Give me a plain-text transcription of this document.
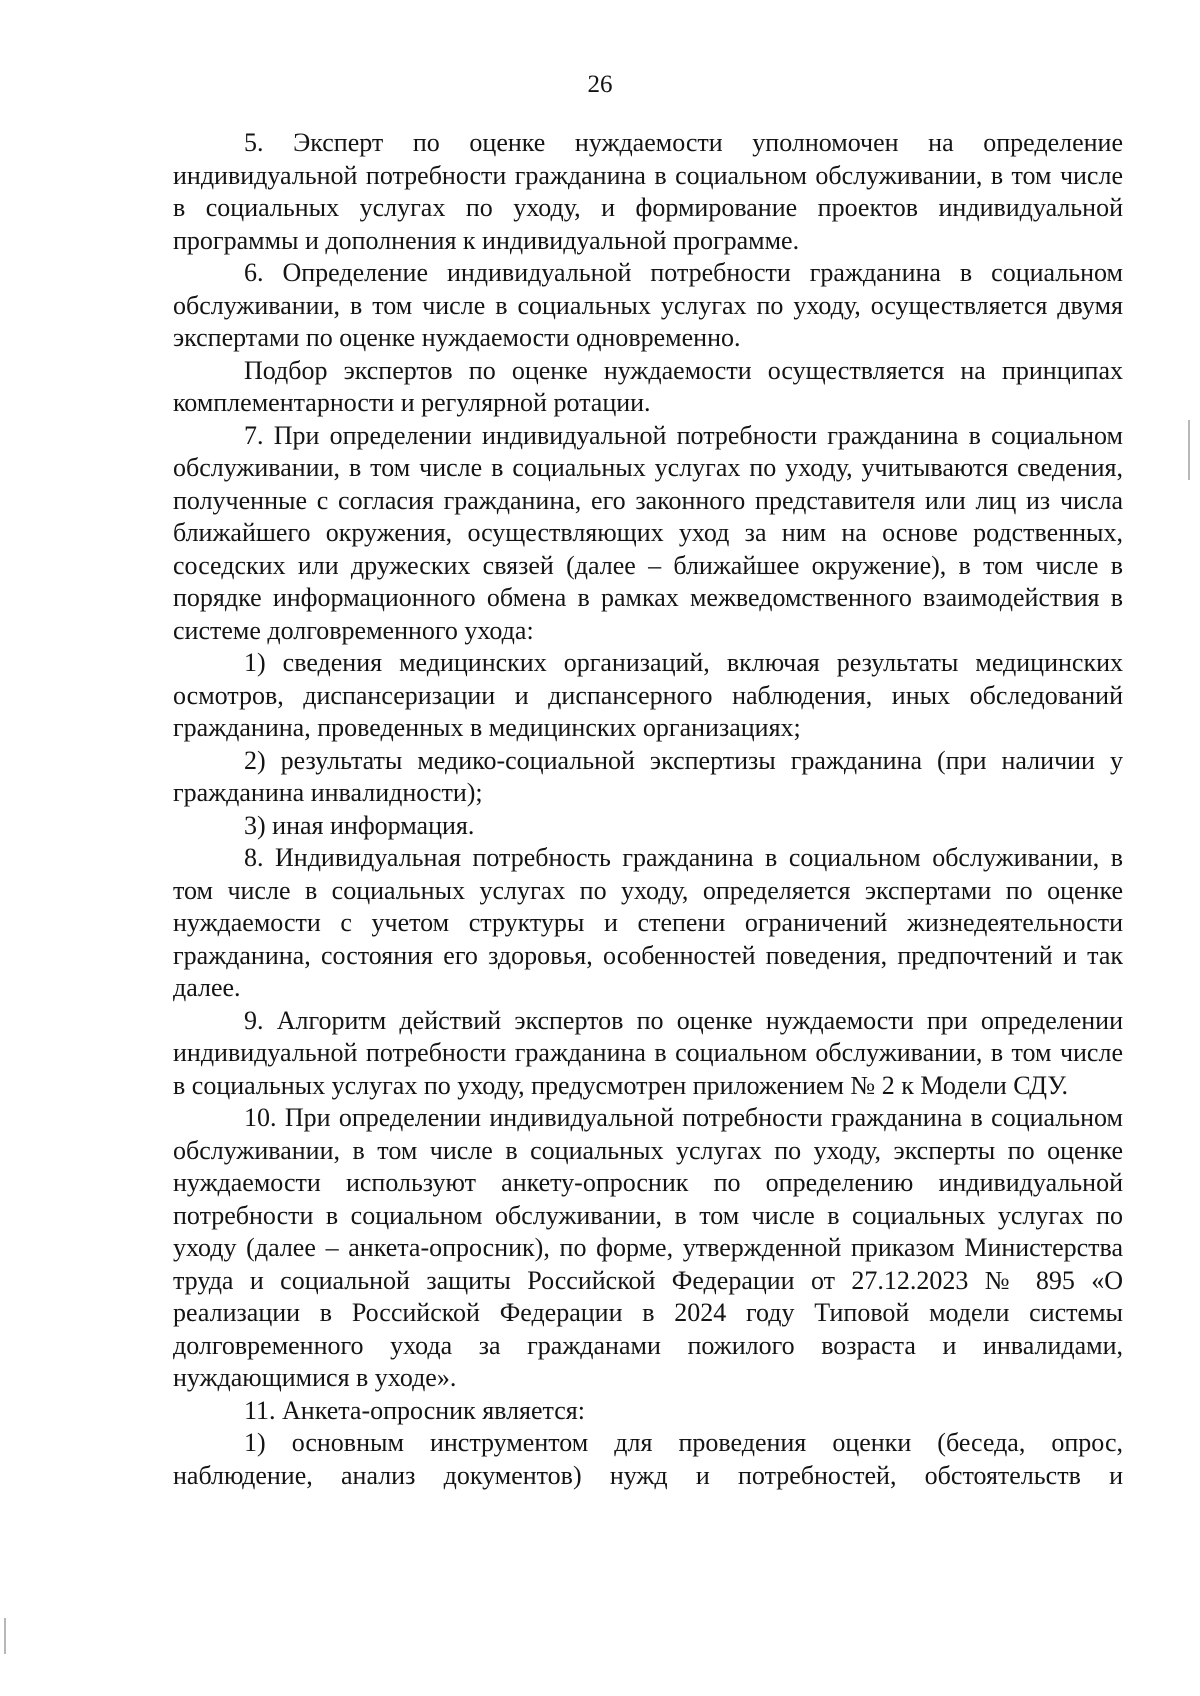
26

5. Эксперт по оценке нуждаемости уполномочен на определение индивидуальной потребности гражданина в социальном обслуживании, в том числе в социальных услугах по уходу, и формирование проектов индивидуальной программы и дополнения к индивидуальной программе.

6. Определение индивидуальной потребности гражданина в социальном обслуживании, в том числе в социальных услугах по уходу, осуществляется двумя экспертами по оценке нуждаемости одновременно.

Подбор экспертов по оценке нуждаемости осуществляется на принципах комплементарности и регулярной ротации.

7. При определении индивидуальной потребности гражданина в социальном обслуживании, в том числе в социальных услугах по уходу, учитываются сведения, полученные с согласия гражданина, его законного представителя или лиц из числа ближайшего окружения, осуществляющих уход за ним на основе родственных, соседских или дружеских связей (далее – ближайшее окружение), в том числе в порядке информационного обмена в рамках межведомственного взаимодействия в системе долговременного ухода:

1) сведения медицинских организаций, включая результаты медицинских осмотров, диспансеризации и диспансерного наблюдения, иных обследований гражданина, проведенных в медицинских организациях;

2) результаты медико-социальной экспертизы гражданина (при наличии у гражданина инвалидности);

3) иная информация.

8. Индивидуальная потребность гражданина в социальном обслуживании, в том числе в социальных услугах по уходу, определяется экспертами по оценке нуждаемости с учетом структуры и степени ограничений жизнедеятельности гражданина, состояния его здоровья, особенностей поведения, предпочтений и так далее.

9. Алгоритм действий экспертов по оценке нуждаемости при определении индивидуальной потребности гражданина в социальном обслуживании, в том числе в социальных услугах по уходу, предусмотрен приложением № 2 к Модели СДУ.

10. При определении индивидуальной потребности гражданина в социальном обслуживании, в том числе в социальных услугах по уходу, эксперты по оценке нуждаемости используют анкету-опросник по определению индивидуальной потребности в социальном обслуживании, в том числе в социальных услугах по уходу (далее – анкета-опросник), по форме, утвержденной приказом Министерства труда и социальной защиты Российской Федерации от 27.12.2023 № 895 «О реализации в Российской Федерации в 2024 году Типовой модели системы долговременного ухода за гражданами пожилого возраста и инвалидами, нуждающимися в уходе».

11. Анкета-опросник является:

1) основным инструментом для проведения оценки (беседа, опрос, наблюдение, анализ документов) нужд и потребностей, обстоятельств и
